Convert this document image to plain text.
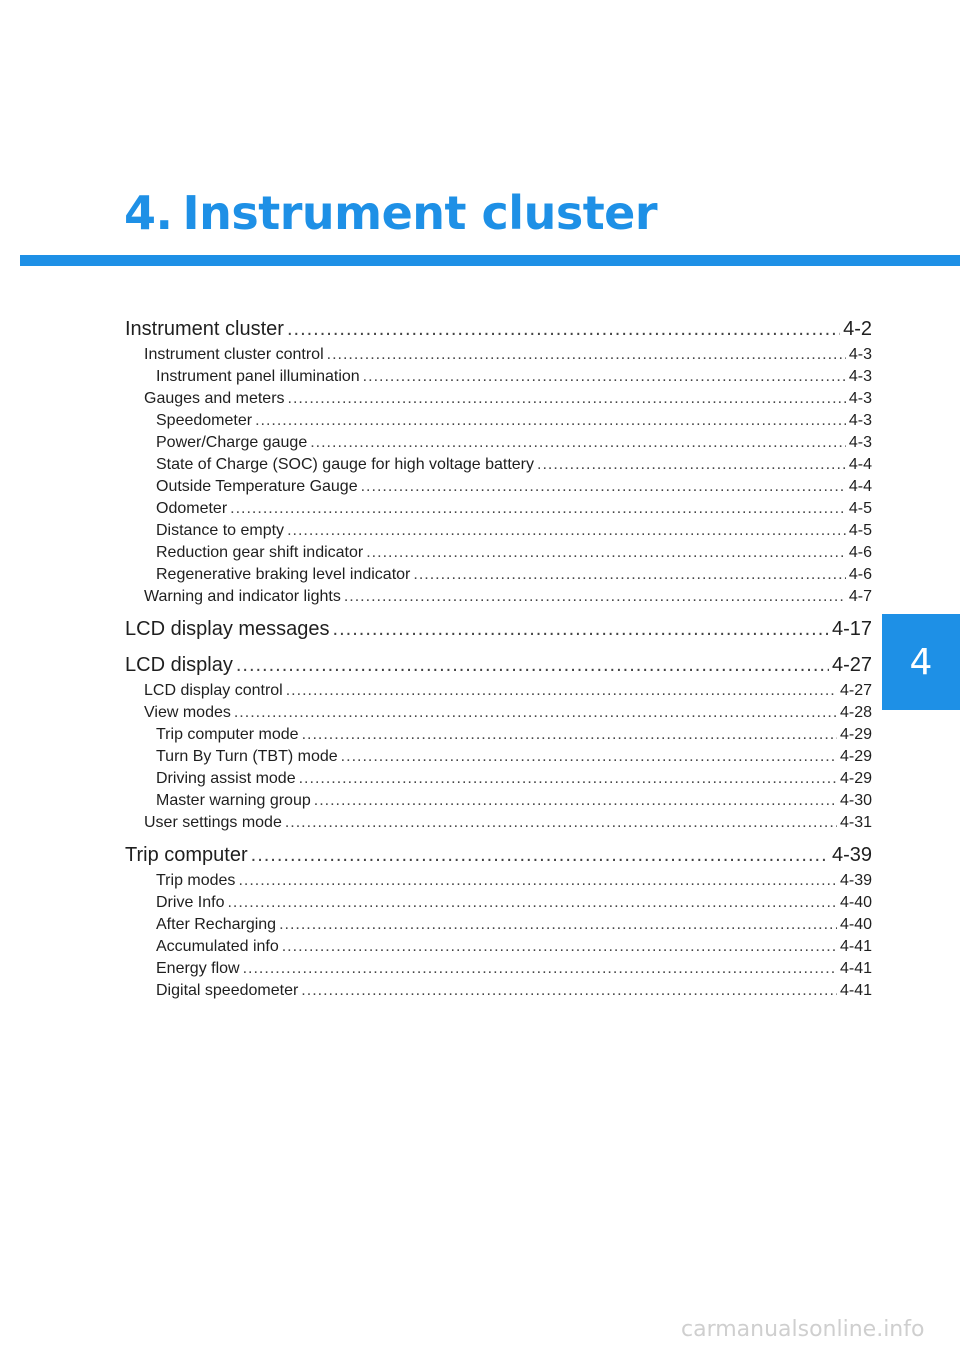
4. Instrument cluster
4
Instrument cluster .....	4-2
Instrument cluster control .....	4-3
Instrument panel illumination .....	4-3
Gauges and meters .....	4-3
Speedometer .....	4-3
Power/Charge gauge .....	4-3
State of Charge (SOC) gauge for high voltage battery .....	4-4
Outside Temperature Gauge .....	4-4
Odometer .....	4-5
Distance to empty .....	4-5
Reduction gear shift indicator .....	4-6
Regenerative braking level indicator .....	4-6
Warning and indicator lights .....	4-7
LCD display messages .....	4-17
LCD display .....	4-27
LCD display control .....	4-27
View modes .....	4-28
Trip computer mode .....	4-29
Turn By Turn (TBT) mode .....	4-29
Driving assist mode .....	4-29
Master warning group .....	4-30
User settings mode .....	4-31
Trip computer .....	4-39
Trip modes .....	4-39
Drive Info .....	4-40
After Recharging .....	4-40
Accumulated info .....	4-41
Energy flow .....	4-41
Digital speedometer .....	4-41
carmanualsonline.info
